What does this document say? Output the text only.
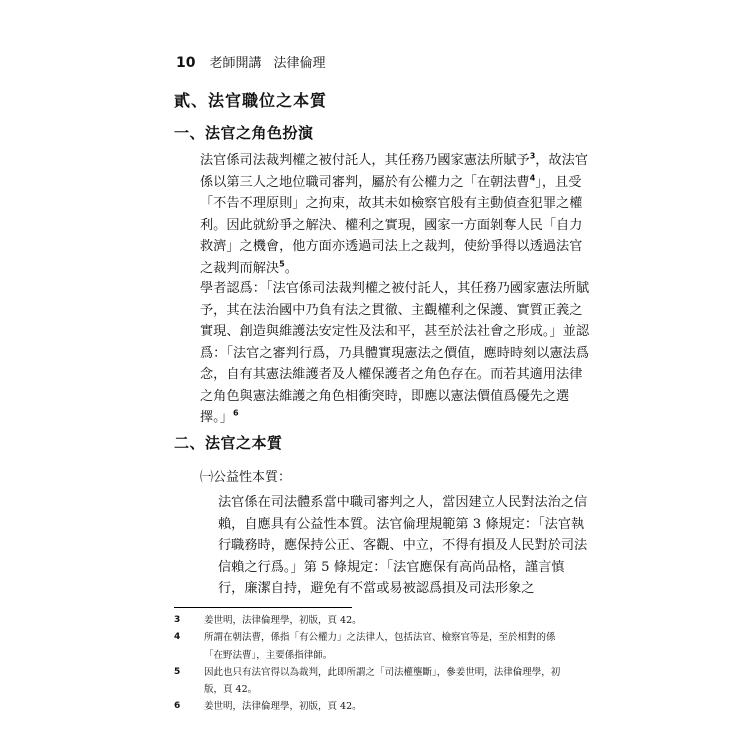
10 老師開講 法律倫理
貳、法官職位之本質
一、法官之角色扮演

法官係司法裁判權之被付託人，其任務乃國家憲法所賦予$^3$，故法官係以第三人之地位職司審判，屬於有公權力之「在朝法曹$^4$」，且受「不告不理原則」之拘束，故其未如檢察官般有主動偵查犯罪之權利。因此就紛爭之解決、權利之實現，國家一方面剝奪人民「自力救濟」之機會，他方面亦透過司法上之裁判，使紛爭得以透過法官之裁判而解決$^5$。

學者認爲：「法官係司法裁判權之被付託人，其任務乃國家憲法所賦予，其在法治國中乃負有法之貫徹、主觀權利之保護、實質正義之實現、創造與維護法安定性及法和平，甚至於法社會之形成。」並認爲：「法官之審判行爲，乃具體實現憲法之價值，應時時刻以憲法爲念，自有其憲法維護者及人權保護者之角色存在。而若其適用法律之角色與憲法維護之角色相衝突時，即應以憲法價值爲優先之選擇。」$^6$

二、法官之本質
㈠公益性本質：

法官係在司法體系當中職司審判之人，當因建立人民對法治之信賴，自應具有公益性本質。法官倫理規範第 3 條規定：「法官執行職務時，應保持公正、客觀、中立，不得有損及人民對於司法信賴之行爲。」第 5 條規定：「法官應保有高尚品格，謹言慎行，廉潔自持，避免有不當或易被認爲損及司法形象之

3 姜世明，法律倫理學，初版，頁 42。

4 所謂在朝法曹，係指「有公權力」之法律人，包括法官、檢察官等是，至於相對的係「在野法曹」，主要係指律師。

5 因此也只有法官得以為裁判，此即所謂之「司法權壟斷」，參姜世明，法律倫理學，初版，頁 42。

6 姜世明，法律倫理學，初版，頁 42。
